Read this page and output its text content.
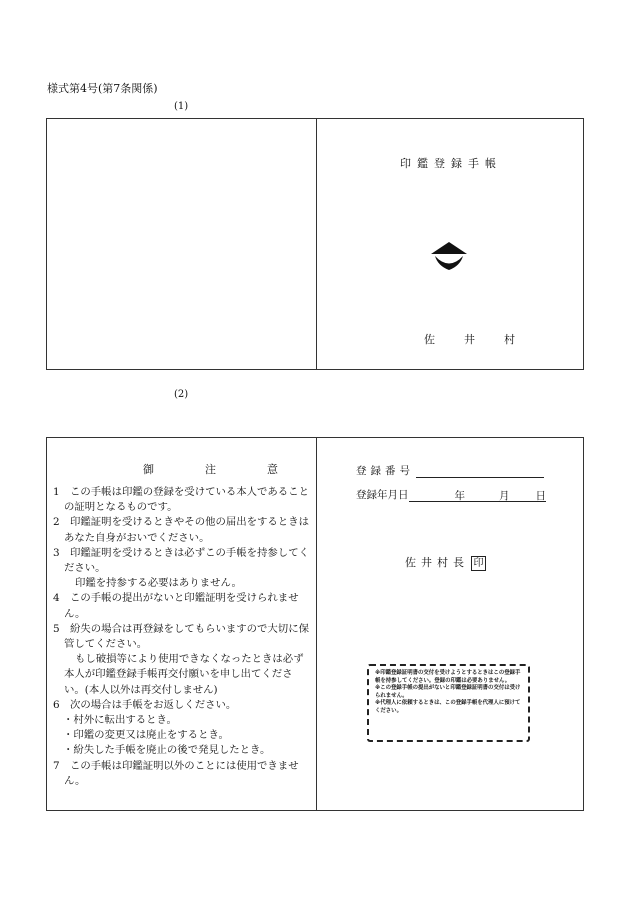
様式第4号(第7条関係)
(1)
印鑑登録手帳
佐　井　村
(2)
御　注　意

1　この手帳は印鑑の登録を受けている本人であることの証明となるものです。

2　印鑑証明を受けるときやその他の届出をするときはあなた自身がおいでください。

3　印鑑証明を受けるときは必ずこの手帳を持参してください。

印鑑を持参する必要はありません。

4　この手帳の提出がないと印鑑証明を受けられません。

5　紛失の場合は再登録をしてもらいますので大切に保管してください。

もし破損等により使用できなくなったときは必ず本人が印鑑登録手帳再交付願いを申し出てください。(本人以外は再交付しません)

6　次の場合は手帳をお返しください。

・村外に転出するとき。

・印鑑の変更又は廃止をするとき。

・紛失した手帳を廃止の後で発見したとき。

7　この手帳は印鑑証明以外のことには使用できません。

登録番号
登録年月日	年	月 日
佐井村長 印

※印鑑登録証明書の交付を受けようとするときはこの登録手帳を持参してください。登録の印鑑は必要ありません。

※この登録手帳の提出がないと印鑑登録証明書の交付は受けられません。

※代理人に依頼するときは、この登録手帳を代理人に預けてください。
